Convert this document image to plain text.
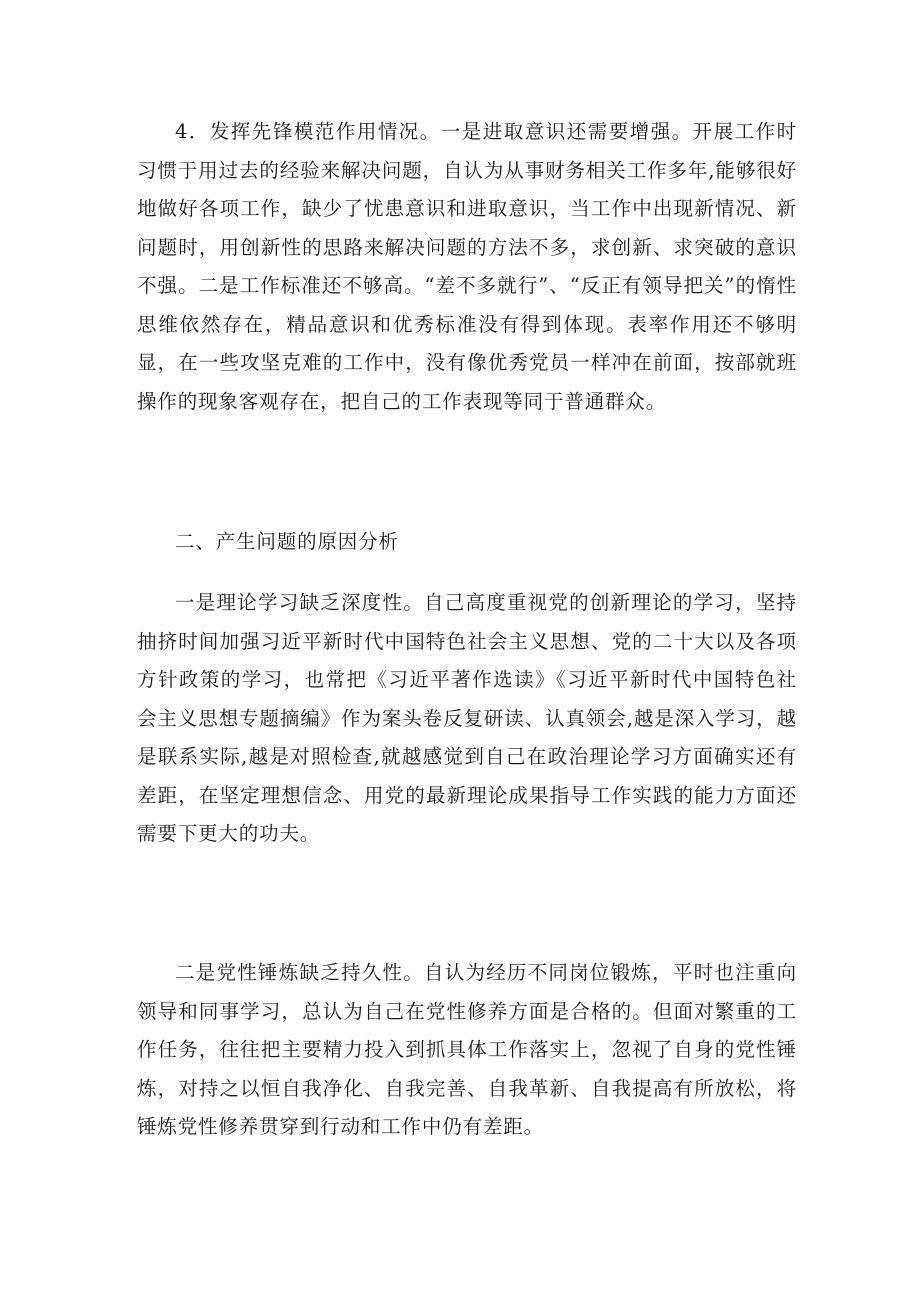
4．发挥先锋模范作用情况。一是进取意识还需要增强。开展工作时习惯于用过去的经验来解决问题，自认为从事财务相关工作多年,能够很好地做好各项工作，缺少了忧患意识和进取意识，当工作中出现新情况、新问题时，用创新性的思路来解决问题的方法不多，求创新、求突破的意识不强。二是工作标准还不够高。“差不多就行”、“反正有领导把关”的惰性思维依然存在，精品意识和优秀标准没有得到体现。表率作用还不够明显，在一些攻坚克难的工作中，没有像优秀党员一样冲在前面，按部就班操作的现象客观存在，把自己的工作表现等同于普通群众。

二、产生问题的原因分析

一是理论学习缺乏深度性。自己高度重视党的创新理论的学习，坚持抽挤时间加强习近平新时代中国特色社会主义思想、党的二十大以及各项方针政策的学习，也常把《习近平著作选读》《习近平新时代中国特色社会主义思想专题摘编》作为案头卷反复研读、认真领会,越是深入学习，越是联系实际,越是对照检查,就越感觉到自己在政治理论学习方面确实还有差距，在坚定理想信念、用党的最新理论成果指导工作实践的能力方面还需要下更大的功夫。

二是党性锤炼缺乏持久性。自认为经历不同岗位锻炼，平时也注重向领导和同事学习，总认为自己在党性修养方面是合格的。但面对繁重的工作任务，往往把主要精力投入到抓具体工作落实上，忽视了自身的党性锤炼，对持之以恒自我净化、自我完善、自我革新、自我提高有所放松，将锤炼党性修养贯穿到行动和工作中仍有差距。
